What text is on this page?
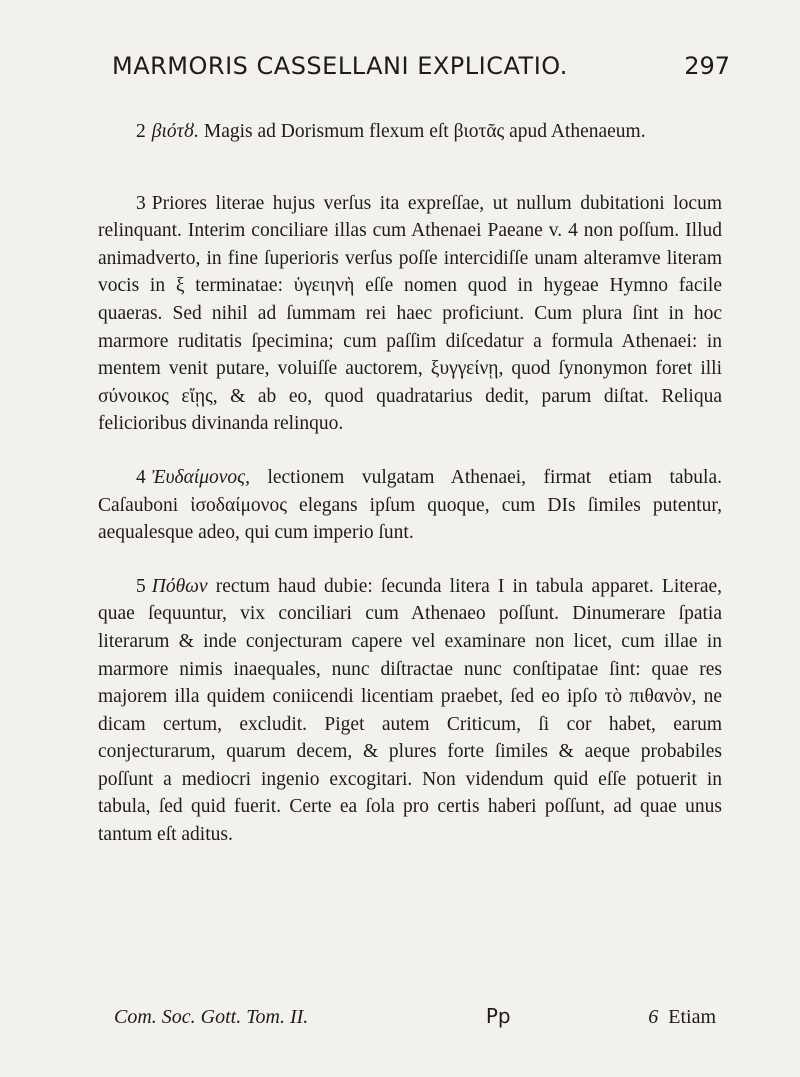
MARMORIS CASSELLANI EXPLICATIO.	297

2 βιότȣ. Magis ad Dorismum flexum eſt βιοτᾶς apud Athenaeum.

3 Priores literae hujus verſus ita expreſſae, ut nullum dubitationi locum relinquant. Interim conciliare illas cum Athenaei Paeane v. 4 non poſſum. Illud animadverto, in fine ſuperioris verſus poſſe intercidiſſe unam alteramve literam vocis in ξ terminatae: ὑγειηνὴ eſſe nomen quod in hygeae Hymno facile quaeras. Sed nihil ad ſummam rei haec proficiunt. Cum plura ſint in hoc marmore ruditatis ſpecimina; cum paſſim diſcedatur a formula Athenaei: in mentem venit putare, voluiſſe auctorem, ξυγγείνῃ, quod ſynonymon foret illi σύνοικος εἴῃς, & ab eo, quod quadratarius dedit, parum diſtat. Reliqua felicioribus divinanda relinquo.

4 Ἐυδαίμονος, lectionem vulgatam Athenaei, firmat etiam tabula. Caſauboni ἰσοδαίμονος elegans ipſum quoque, cum DIs ſimiles putentur, aequalesque adeo, qui cum imperio ſunt.

5 Πόθων rectum haud dubie: ſecunda litera I in tabula apparet. Literae, quae ſequuntur, vix conciliari cum Athenaeo poſſunt. Dinumerare ſpatia literarum & inde conjecturam capere vel examinare non licet, cum illae in marmore nimis inaequales, nunc diſtractae nunc conſtipatae ſint: quae res majorem illa quidem coniicendi licentiam praebet, ſed eo ipſo τὸ πιθανὸν, ne dicam certum, excludit. Piget autem Criticum, ſi cor habet, earum conjecturarum, quarum decem, & plures forte ſimiles & aeque probabiles poſſunt a mediocri ingenio excogitari. Non videndum quid eſſe potuerit in tabula, ſed quid fuerit. Certe ea ſola pro certis haberi poſſunt, ad quae unus tantum eſt aditus.

Com. Soc. Gott. Tom. II.	Pp	6 Etiam
